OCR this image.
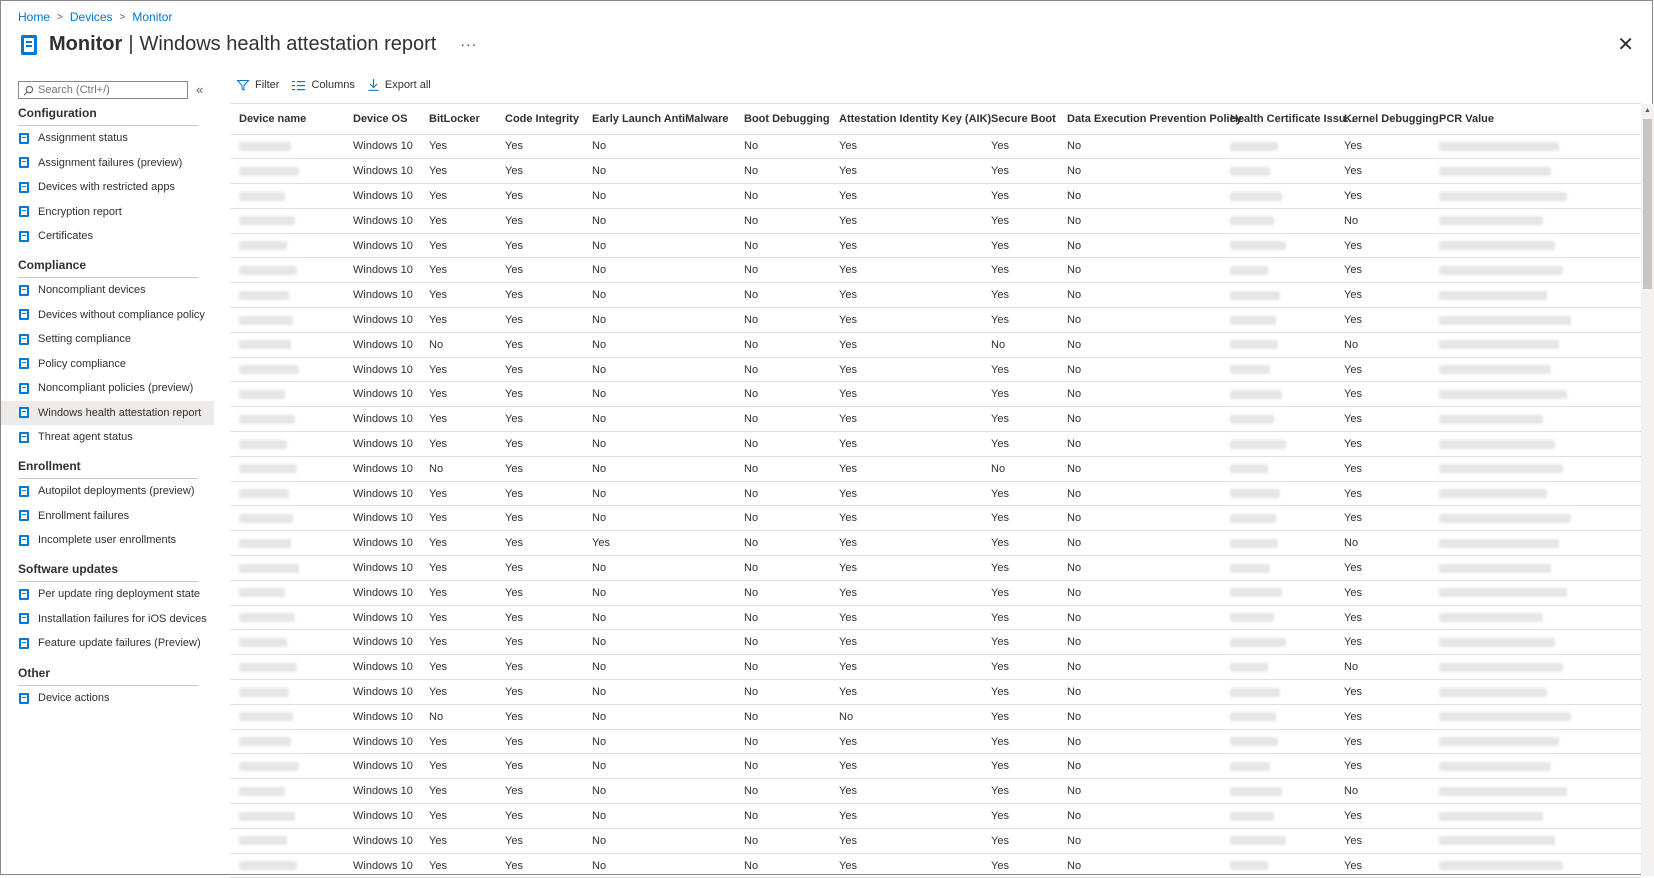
Home > Devices > Monitor
Monitor | Windows health attestation report ···	✕
Search (Ctrl+/)
«
Configuration
Assignment status
Assignment failures (preview)
Devices with restricted apps
Encryption report
Certificates
Compliance
Noncompliant devices
Devices without compliance policy
Setting compliance
Policy compliance
Noncompliant policies (preview)
Windows health attestation report
Threat agent status
Enrollment
Autopilot deployments (preview)
Enrollment failures
Incomplete user enrollments
Software updates
Per update ring deployment state
Installation failures for iOS devices
Feature update failures (Preview)
Other
Device actions
Filter	Columns	Export all
Device name	Device OS	BitLocker	Code Integrity	Early Launch AntiMalware	Boot Debugging	Attestation Identity Key (AIK)	Secure Boot	Data Execution Prevention Policy	Health Certificate Issu...	Kernel Debugging	PCR Value
	Windows 10	Yes	Yes	No	No	Yes	Yes	No		Yes	
	Windows 10	Yes	Yes	No	No	Yes	Yes	No		Yes	
	Windows 10	Yes	Yes	No	No	Yes	Yes	No		Yes	
	Windows 10	Yes	Yes	No	No	Yes	Yes	No		No	
	Windows 10	Yes	Yes	No	No	Yes	Yes	No		Yes	
	Windows 10	Yes	Yes	No	No	Yes	Yes	No		Yes	
	Windows 10	Yes	Yes	No	No	Yes	Yes	No		Yes	
	Windows 10	Yes	Yes	No	No	Yes	Yes	No		Yes	
	Windows 10	No	Yes	No	No	Yes	No	No		No	
	Windows 10	Yes	Yes	No	No	Yes	Yes	No		Yes	
	Windows 10	Yes	Yes	No	No	Yes	Yes	No		Yes	
	Windows 10	Yes	Yes	No	No	Yes	Yes	No		Yes	
	Windows 10	Yes	Yes	No	No	Yes	Yes	No		Yes	
	Windows 10	No	Yes	No	No	Yes	No	No		Yes	
	Windows 10	Yes	Yes	No	No	Yes	Yes	No		Yes	
	Windows 10	Yes	Yes	No	No	Yes	Yes	No		Yes	
	Windows 10	Yes	Yes	Yes	No	Yes	Yes	No		No	
	Windows 10	Yes	Yes	No	No	Yes	Yes	No		Yes	
	Windows 10	Yes	Yes	No	No	Yes	Yes	No		Yes	
	Windows 10	Yes	Yes	No	No	Yes	Yes	No		Yes	
	Windows 10	Yes	Yes	No	No	Yes	Yes	No		Yes	
	Windows 10	Yes	Yes	No	No	Yes	Yes	No		No	
	Windows 10	Yes	Yes	No	No	Yes	Yes	No		Yes	
	Windows 10	No	Yes	No	No	No	Yes	No		Yes	
	Windows 10	Yes	Yes	No	No	Yes	Yes	No		Yes	
	Windows 10	Yes	Yes	No	No	Yes	Yes	No		Yes	
	Windows 10	Yes	Yes	No	No	Yes	Yes	No		No	
	Windows 10	Yes	Yes	No	No	Yes	Yes	No		Yes	
	Windows 10	Yes	Yes	No	No	Yes	Yes	No		Yes	
	Windows 10	Yes	Yes	No	No	Yes	Yes	No		Yes	
▲
